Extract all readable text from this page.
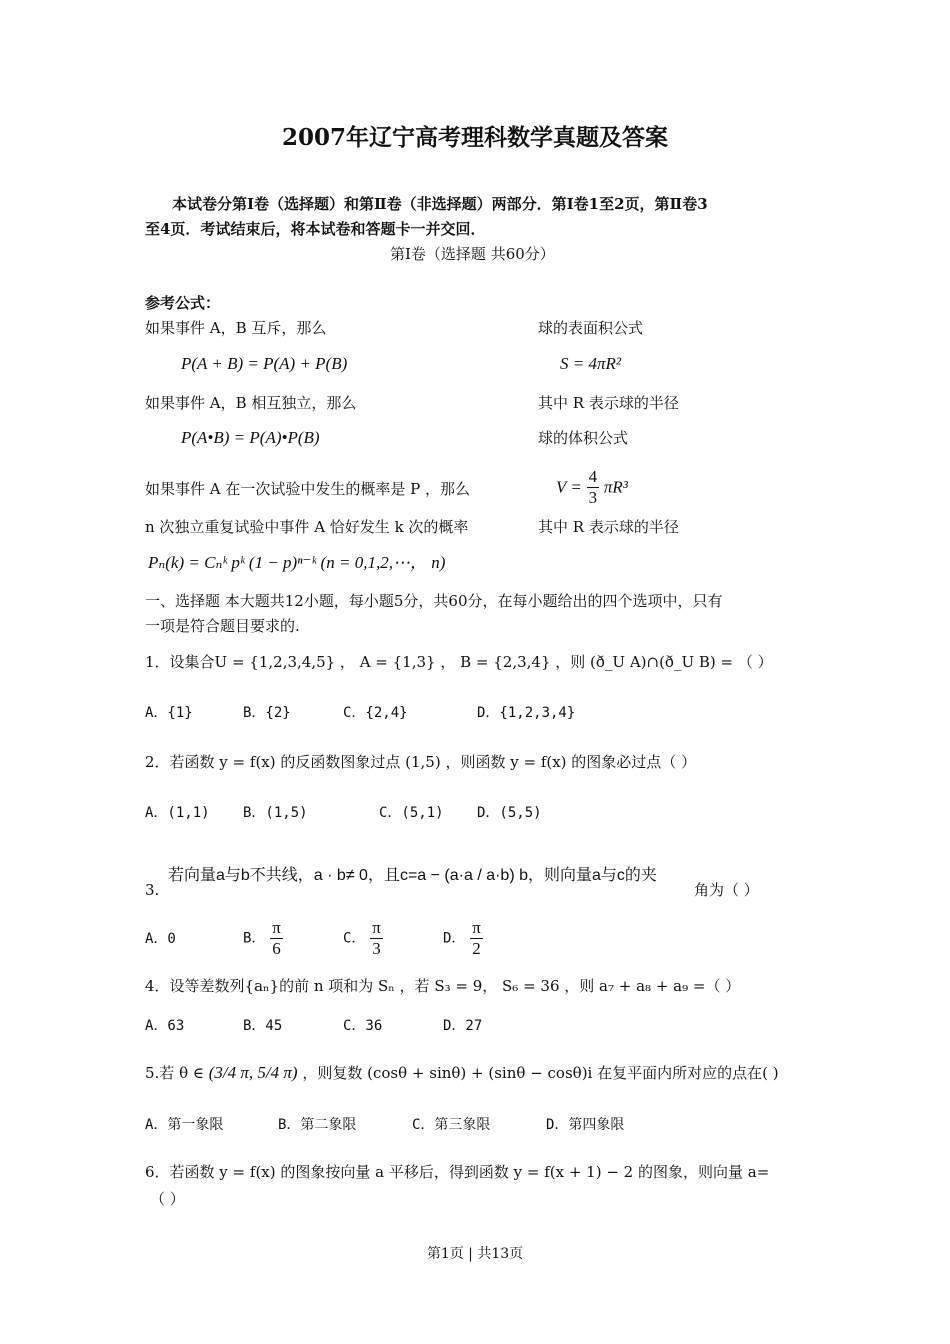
2007年辽宁高考理科数学真题及答案
本试卷分第Ⅰ卷（选择题）和第Ⅱ卷（非选择题）两部分．第Ⅰ卷1至2页，第Ⅱ卷3
至4页．考试结束后，将本试卷和答题卡一并交回．
第Ⅰ卷（选择题 共60分）
参考公式：
如果事件 A，B 互斥，那么
P(A + B) = P(A) + P(B)
如果事件 A，B 相互独立，那么
P(A•B) = P(A)•P(B)
如果事件 A 在一次试验中发生的概率是 P ，那么
n 次独立重复试验中事件 A 恰好发生 k 次的概率
Pₙ(k) = Cₙᵏ pᵏ (1 − p)ⁿ⁻ᵏ (n = 0,1,2,⋯， n)
球的表面积公式
S = 4πR²
其中 R 表示球的半径
球的体积公式
$V = \frac{4}{3} \pi R^3$
其中 R 表示球的半径
一、选择题 本大题共12小题，每小题5分，共60分，在每小题给出的四个选项中，只有
一项是符合题目要求的.
1．设集合U = {1,2,3,4,5} ， A = {1,3} ， B = {2,3,4} ，则 (ð_U A)∩(ð_U B) = （ ）
A．{1}	B．{2}	C．{2,4}	D．{1,2,3,4}
2．若函数 y = f(x) 的反函数图象过点 (1,5) ，则函数 y = f(x) 的图象必过点（ ）
A．(1,1) B．(1,5)	C．(5,1) D．(5,5)
3.
若向量a与b不共线，a · b≠ 0，且c=a − (a·a / a·b) b，则向量a与c的夹
角为（ ）
A．0	B． $\frac{\pi}{6}$	C． $\frac{\pi}{3}$	D． $\frac{\pi}{2}$
4．设等差数列{aₙ}的前 n 项和为 Sₙ ，若 S₃ = 9， S₆ = 36 ，则 a₇ + a₈ + a₉ =（ ）
A．63	B．45	C．36	D．27
5.若 θ ∈ (3/4 π, 5/4 π) ，则复数 (cosθ + sinθ) + (sinθ − cosθ)i 在复平面内所对应的点在( )
A．第一象限	B．第二象限	C．第三象限	D．第四象限
6．若函数 y = f(x) 的图象按向量 a 平移后，得到函数 y = f(x + 1) − 2 的图象，则向量 a=
（ ）
第1页 | 共13页
